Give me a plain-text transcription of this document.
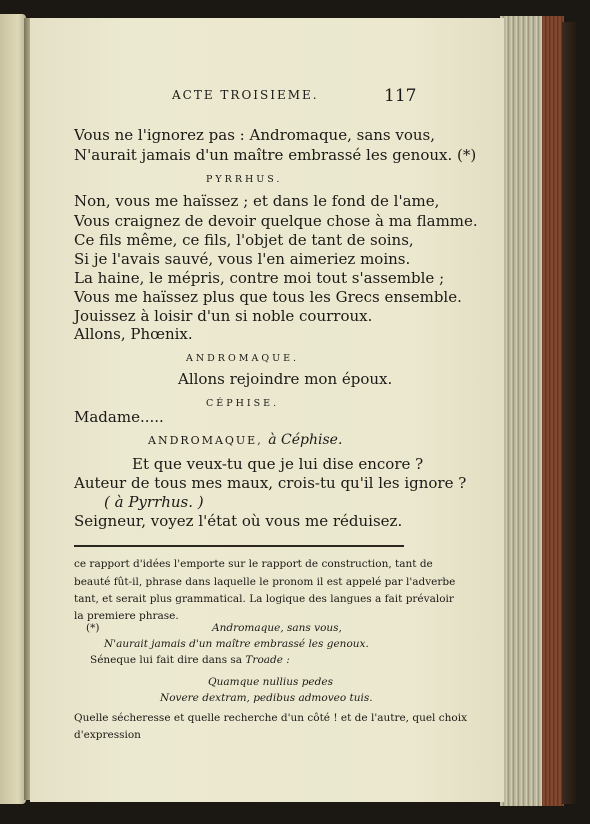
ACTE TROISIEME.	117
Vous ne l'ignorez pas : Andromaque, sans vous,
N'aurait jamais d'un maître embrassé les genoux. (*)
PYRRHUS.
Non, vous me haïssez ; et dans le fond de l'ame,
Vous craignez de devoir quelque chose à ma flamme.
Ce fils même, ce fils, l'objet de tant de soins,
Si je l'avais sauvé, vous l'en aimeriez moins.
La haine, le mépris, contre moi tout s'assemble ;
Vous me haïssez plus que tous les Grecs ensemble.
Jouissez à loisir d'un si noble courroux.
Allons, Phœnix.
ANDROMAQUE.
Allons rejoindre mon époux.
CÉPHISE.
Madame.....
ANDROMAQUE, à Céphise.
Et que veux-tu que je lui dise encore ?
Auteur de tous mes maux, crois-tu qu'il les ignore ?
( à Pyrrhus. )
Seigneur, voyez l'état où vous me réduisez.
ce rapport d'idées l'emporte sur le rapport de construction, tant de
beauté fût-il, phrase dans laquelle le pronom il est appelé par l'adverbe
tant, et serait plus grammatical. La logique des langues a fait prévaloir
la premiere phrase.
(*)	Andromaque, sans vous,
N'aurait jamais d'un maître embrassé les genoux.
Séneque lui fait dire dans sa Troade :
Quamque nullius pedes
Novere dextram, pedibus admoveo tuis.
Quelle sécheresse et quelle recherche d'un côté ! et de l'autre, quel choix
d'expression
